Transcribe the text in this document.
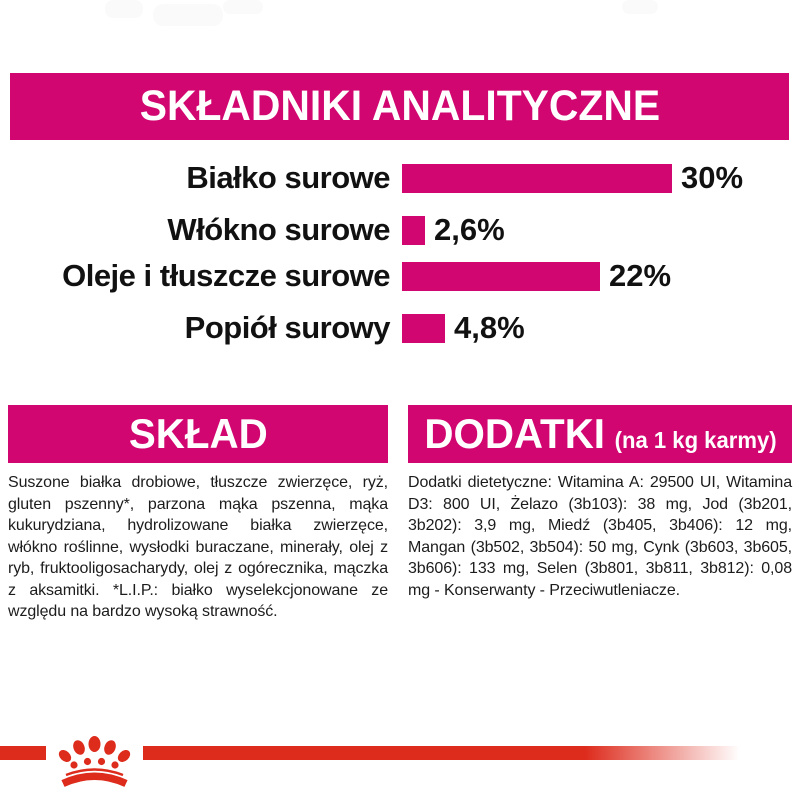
SKŁADNIKI ANALITYCZNE
Białko surowe	30%
Włókno surowe 2,6%
Oleje i tłuszcze surowe	22%
Popiół surowy 4,8%
SKŁAD

Suszone białka drobiowe, tłuszcze zwierzęce, ryż, gluten pszenny*, parzona mąka pszenna, mąka kukurydziana, hydrolizowane białka zwierzęce, włókno roślinne, wysłodki buraczane, minerały, olej z ryb, fruktooligosacharydy, olej z ogórecznika, mączka z aksamitki. *L.I.P.: białko wyselekcjonowane ze względu na bardzo wysoką strawność.

DODATKI (na 1 kg karmy)

Dodatki dietetyczne: Witamina A: 29500 UI, Witamina D3: 800 UI, Żelazo (3b103): 38 mg, Jod (3b201, 3b202): 3,9 mg, Miedź (3b405, 3b406): 12 mg, Mangan (3b502, 3b504): 50 mg, Cynk (3b603, 3b605, 3b606): 133 mg, Selen (3b801, 3b811, 3b812): 0,08 mg - Konserwanty - Przeciwutleniacze.
